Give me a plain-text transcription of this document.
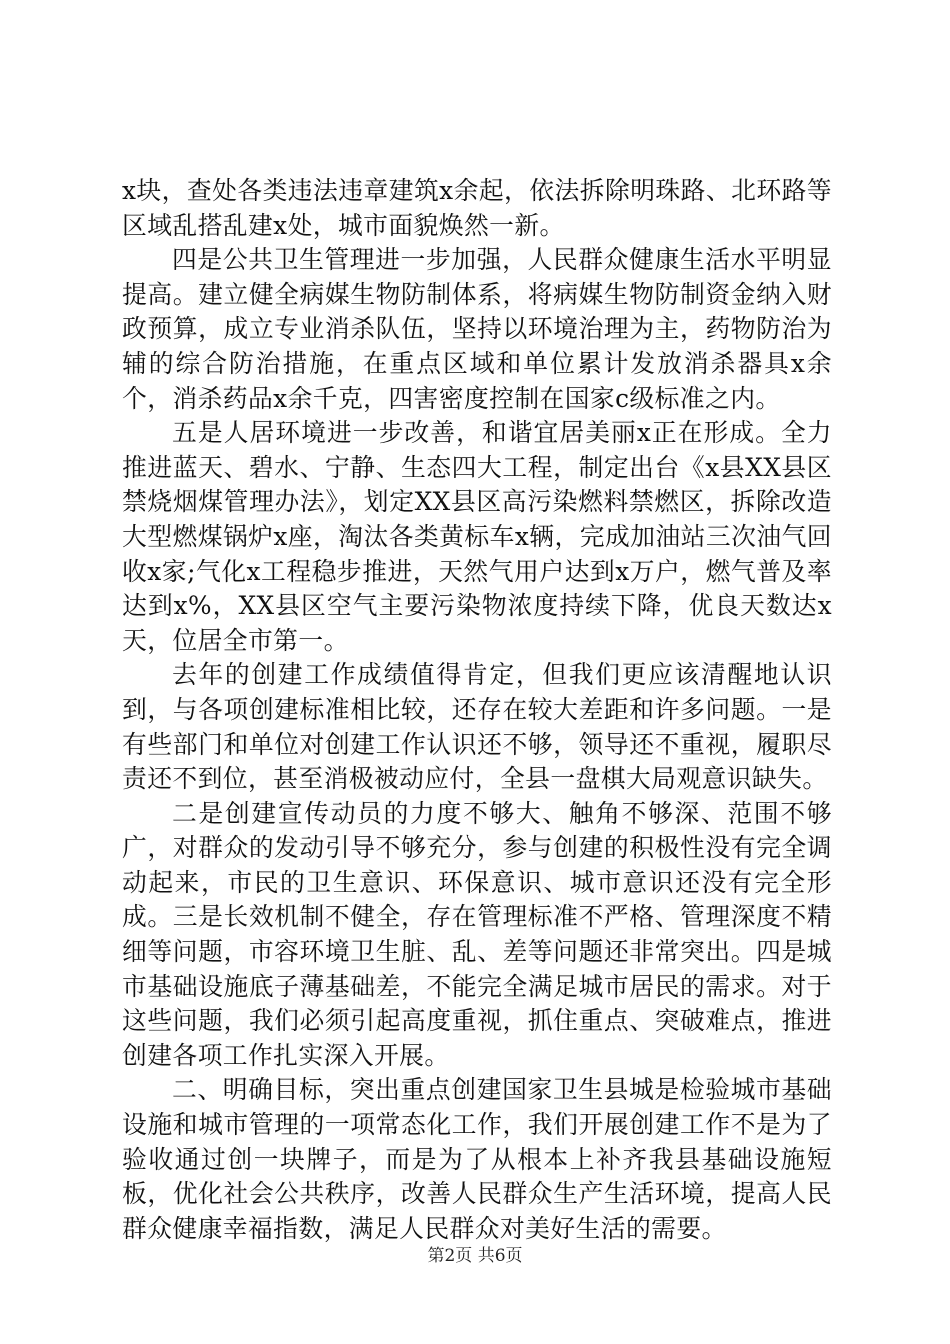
x块，查处各类违法违章建筑x余起，依法拆除明珠路、北环路等区域乱搭乱建x处，城市面貌焕然一新。

四是公共卫生管理进一步加强，人民群众健康生活水平明显提高。建立健全病媒生物防制体系，将病媒生物防制资金纳入财政预算，成立专业消杀队伍，坚持以环境治理为主，药物防治为辅的综合防治措施，在重点区域和单位累计发放消杀器具x余个，消杀药品x余千克，四害密度控制在国家c级标准之内。

五是人居环境进一步改善，和谐宜居美丽x正在形成。全力推进蓝天、碧水、宁静、生态四大工程，制定出台《x县XX县区禁烧烟煤管理办法》，划定XX县区高污染燃料禁燃区，拆除改造大型燃煤锅炉x座，淘汰各类黄标车x辆，完成加油站三次油气回收x家;气化x工程稳步推进，天然气用户达到x万户，燃气普及率达到x%，XX县区空气主要污染物浓度持续下降，优良天数达x天，位居全市第一。

去年的创建工作成绩值得肯定，但我们更应该清醒地认识到，与各项创建标准相比较，还存在较大差距和许多问题。一是有些部门和单位对创建工作认识还不够，领导还不重视，履职尽责还不到位，甚至消极被动应付，全县一盘棋大局观意识缺失。

二是创建宣传动员的力度不够大、触角不够深、范围不够广，对群众的发动引导不够充分，参与创建的积极性没有完全调动起来，市民的卫生意识、环保意识、城市意识还没有完全形成。三是长效机制不健全，存在管理标准不严格、管理深度不精细等问题，市容环境卫生脏、乱、差等问题还非常突出。四是城市基础设施底子薄基础差，不能完全满足城市居民的需求。对于这些问题，我们必须引起高度重视，抓住重点、突破难点，推进创建各项工作扎实深入开展。

二、明确目标，突出重点创建国家卫生县城是检验城市基础设施和城市管理的一项常态化工作，我们开展创建工作不是为了验收通过创一块牌子，而是为了从根本上补齐我县基础设施短板，优化社会公共秩序，改善人民群众生产生活环境，提高人民群众健康幸福指数，满足人民群众对美好生活的需要。

第2页 共6页
